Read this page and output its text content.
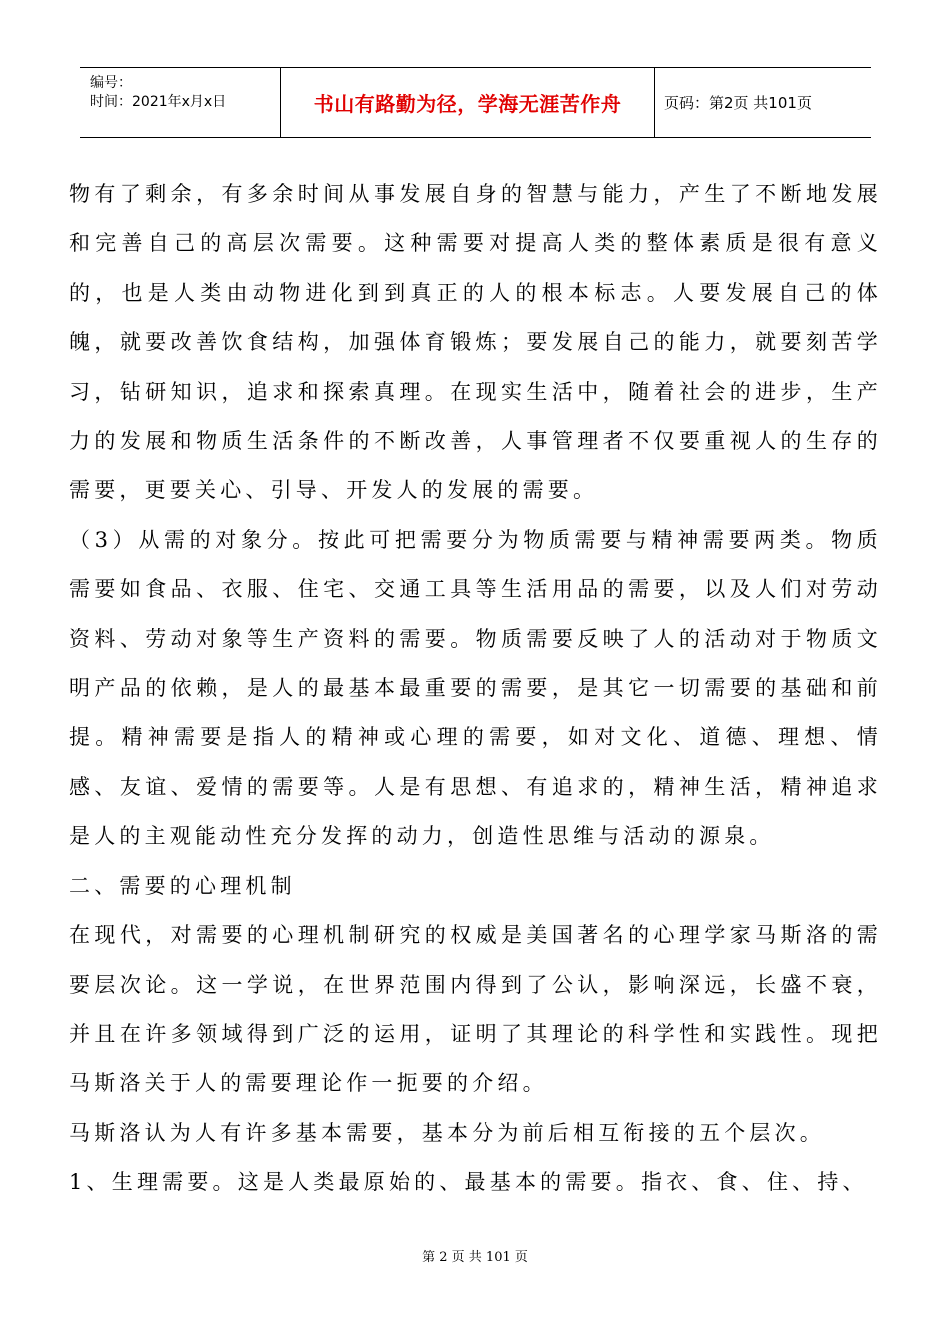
编号：
时间：2021年x月x日	书山有路勤为径，学海无涯苦作舟	页码：第2页 共101页

物有了剩余，有多余时间从事发展自身的智慧与能力，产生了不断地发展和完善自己的高层次需要。这种需要对提高人类的整体素质是很有意义的，也是人类由动物进化到到真正的人的根本标志。人要发展自己的体魄，就要改善饮食结构，加强体育锻炼；要发展自己的能力，就要刻苦学习，钻研知识，追求和探索真理。在现实生活中，随着社会的进步，生产力的发展和物质生活条件的不断改善，人事管理者不仅要重视人的生存的需要，更要关心、引导、开发人的发展的需要。

（3）从需的对象分。按此可把需要分为物质需要与精神需要两类。物质需要如食品、衣服、住宅、交通工具等生活用品的需要，以及人们对劳动资料、劳动对象等生产资料的需要。物质需要反映了人的活动对于物质文明产品的依赖，是人的最基本最重要的需要，是其它一切需要的基础和前提。精神需要是指人的精神或心理的需要，如对文化、道德、理想、情感、友谊、爱情的需要等。人是有思想、有追求的，精神生活，精神追求是人的主观能动性充分发挥的动力，创造性思维与活动的源泉。

二、需要的心理机制

在现代，对需要的心理机制研究的权威是美国著名的心理学家马斯洛的需要层次论。这一学说，在世界范围内得到了公认，影响深远，长盛不衰，并且在许多领域得到广泛的运用，证明了其理论的科学性和实践性。现把马斯洛关于人的需要理论作一扼要的介绍。

马斯洛认为人有许多基本需要，基本分为前后相互衔接的五个层次。

1、生理需要。这是人类最原始的、最基本的需要。指衣、食、住、持、

第 2 页 共 101 页
